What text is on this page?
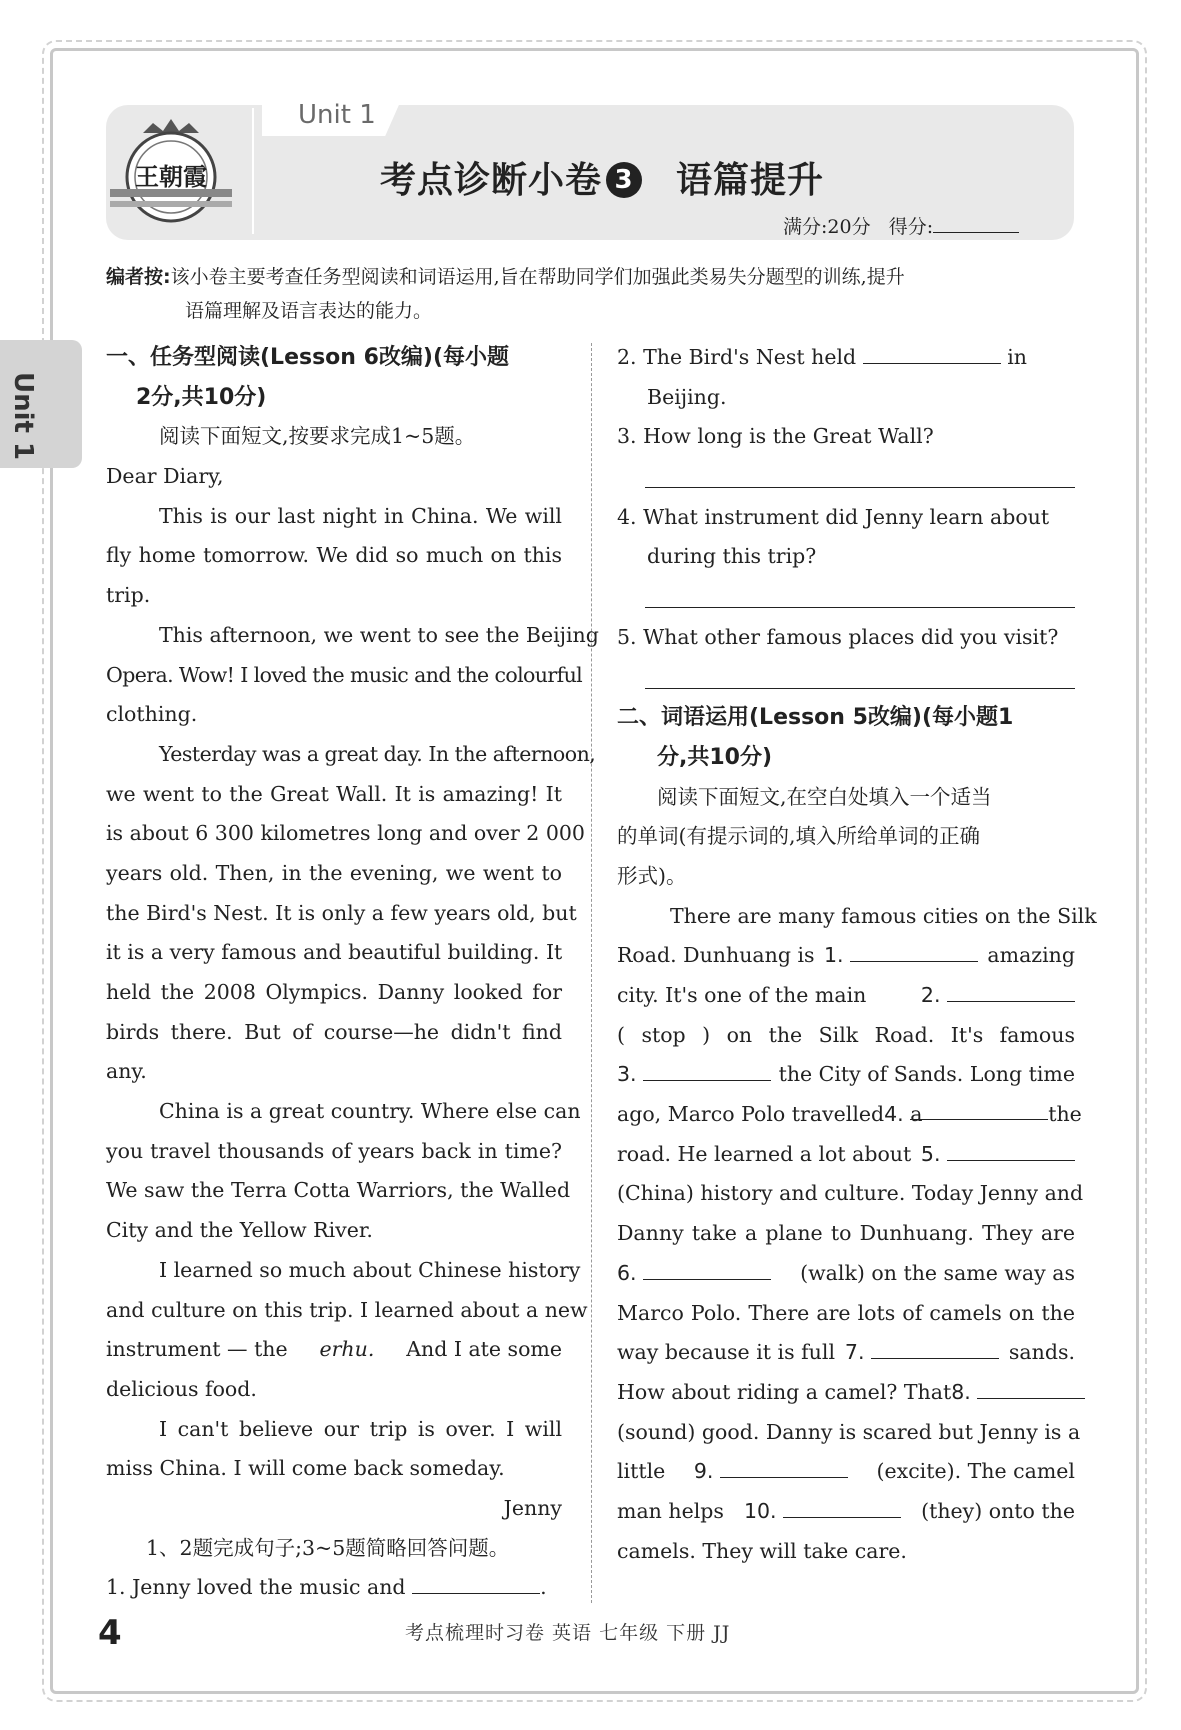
王朝霞
Unit 1
考点诊断小卷 3 语篇提升
满分:20分 得分:
编者按:该小卷主要考查任务型阅读和词语运用,旨在帮助同学们加强此类易失分题型的训练,提升
语篇理解及语言表达的能力。
Unit 1
一、任务型阅读(Lesson 6改编)(每小题
2分,共10分)
阅读下面短文,按要求完成1~5题。
Dear Diary,
This is our last night in China. We will
fly home tomorrow. We did so much on this
trip.
This afternoon, we went to see the Beijing
Opera. Wow! I loved the music and the colourful
clothing.
Yesterday was a great day. In the afternoon,
we went to the Great Wall. It is amazing! It
is about 6 300 kilometres long and over 2 000
years old. Then, in the evening, we went to
the Bird's Nest. It is only a few years old, but
it is a very famous and beautiful building. It
held the 2008 Olympics. Danny looked for
birds there. But of course—he didn't find
any.
China is a great country. Where else can
you travel thousands of years back in time?
We saw the Terra Cotta Warriors, the Walled
City and the Yellow River.
I learned so much about Chinese history
and culture on this trip. I learned about a new
instrument — the erhu. And I ate some
delicious food.
I can't believe our trip is over. I will
miss China. I will come back someday.
Jenny
1、2题完成句子;3~5题简略回答问题。
1. Jenny loved the music and	.
2. The Bird's Nest held	in
Beijing.
3. How long is the Great Wall?
4. What instrument did Jenny learn about
during this trip?
5. What other famous places did you visit?
二、词语运用(Lesson 5改编)(每小题1
分,共10分)
阅读下面短文,在空白处填入一个适当
的单词(有提示词的,填入所给单词的正确
形式)。
There are many famous cities on the Silk
Road. Dunhuang is 1.	amazing
city. It's one of the main	2.
( stop ) on the Silk Road. It's famous
3.	the City of Sands. Long time
ago, Marco Polo travelled 4. a	the
road. He learned a lot about 5.
(China) history and culture. Today Jenny and
Danny take a plane to Dunhuang. They are
6.	(walk) on the same way as
Marco Polo. There are lots of camels on the
way because it is full 7.	sands.
How about riding a camel? That 8.
(sound) good. Danny is scared but Jenny is a
little 9.	(excite). The camel
man helps 10.	(they) onto the
camels. They will take care.
4	考点梳理时习卷 英语 七年级 下册 JJ
